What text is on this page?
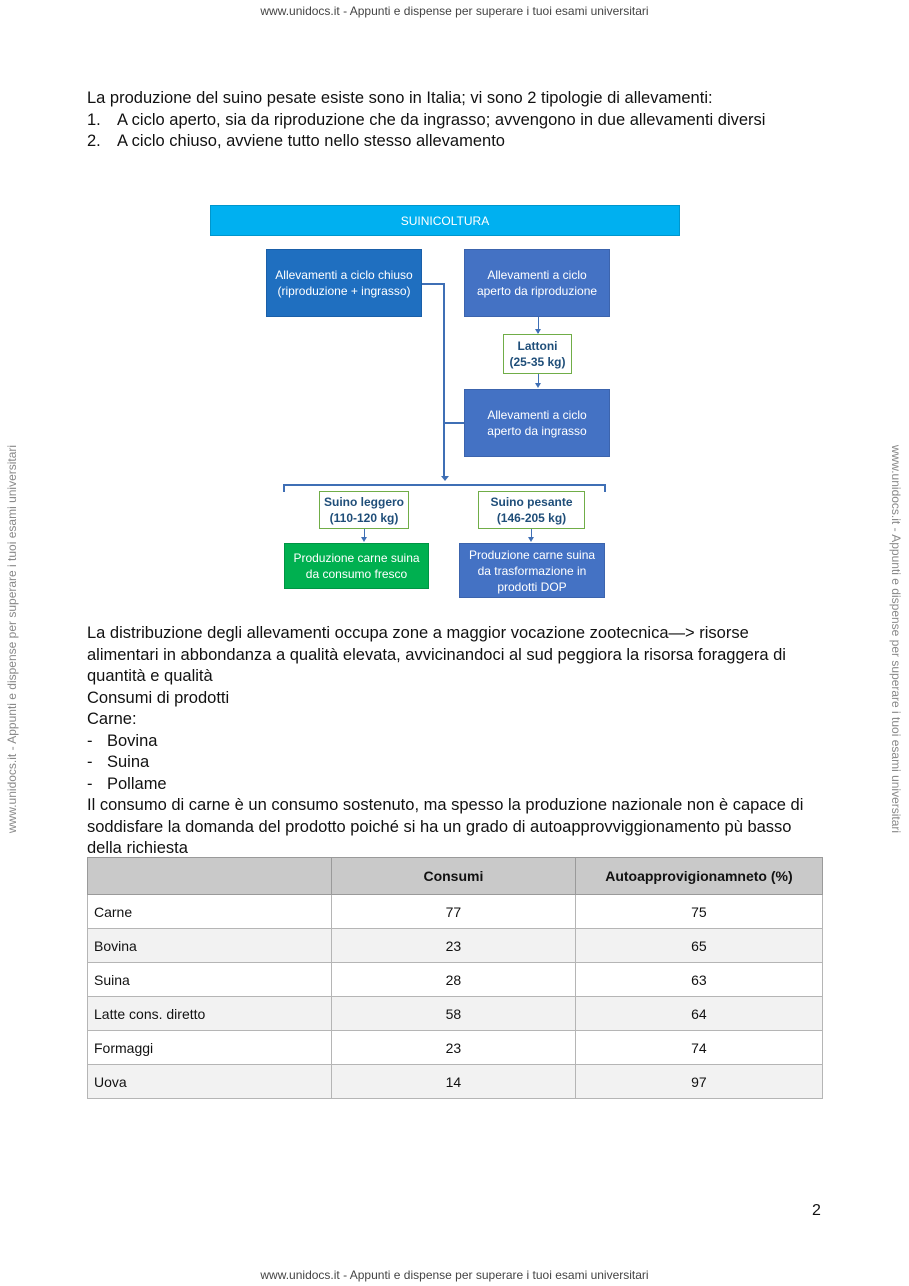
www.unidocs.it - Appunti e dispense per superare i tuoi esami universitari
www.unidocs.it - Appunti e dispense per superare i tuoi esami universitari
www.unidocs.it - Appunti e dispense per superare i tuoi esami universitari	www.unidocs.it - Appunti e dispense per superare i tuoi esami universitari

La produzione del suino pesate esiste sono in Italia; vi sono 2 tipologie di allevamenti:

1. A ciclo aperto, sia da riproduzione che da ingrasso; avvengono in due allevamenti diversi

2. A ciclo chiuso, avviene tutto nello stesso allevamento

SUINICOLTURA
Allevamenti a ciclo chiuso (riproduzione + ingrasso)
Allevamenti a ciclo aperto da riproduzione
Lattoni (25-35 kg)
Allevamenti a ciclo aperto da ingrasso
Suino leggero (110-120 kg)
Suino pesante (146-205 kg)
Produzione carne suina da consumo fresco
Produzione carne suina da trasformazione in prodotti DOP

La distribuzione degli allevamenti occupa zone a maggior vocazione zootecnica—> risorse alimentari in abbondanza a qualità elevata, avvicinandoci al sud peggiora la risorsa foraggera di quantità e qualità

Consumi di prodotti

Carne:

- Bovina

- Suina

- Pollame

Il consumo di carne è un consumo sostenuto, ma spesso la produzione nazionale non è capace di soddisfare la domanda del prodotto poiché si ha un grado di autoapprovviggionamento pù basso della richiesta

	Consumi	Autoapprovigionamneto (%)
Carne	77	75
Bovina	23	65
Suina	28	63
Latte cons. diretto	58	64
Formaggi	23	74
Uova	14	97
2
